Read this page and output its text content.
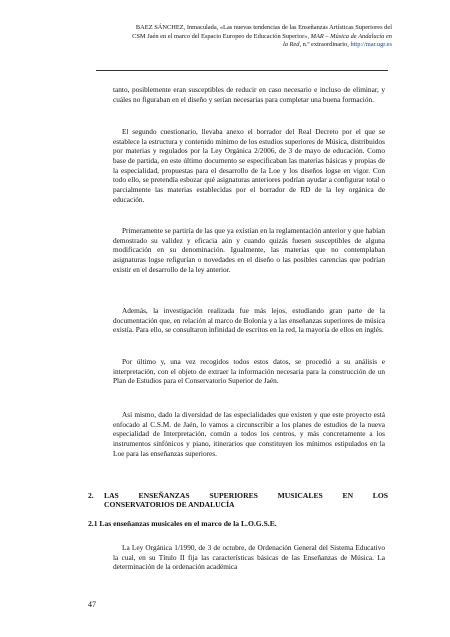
BAEZ SÁNCHEZ, Inmaculada, «Las nuevas tendencias de las Enseñanzas Artísticas Superiores del
CSM Jaén en el marco del Espacio Europeo de Educación Superior», MAR – Música de Andalucía en
la Red, n.º extraordinario, http://mar.ugr.es
tanto, posiblemente eran susceptibles de reducir en caso necesario e incluso de eliminar, y cuáles no figuraban en el diseño y serían necesarias para completar una buena formación.
El segundo cuestionario, llevaba anexo el borrador del Real Decreto por el que se establece la estructura y contenido mínimo de los estudios superiores de Música, distribuidos por materias y regulados por la Ley Orgánica 2/2006, de 3 de mayo de educación. Como base de partida, en este último documento se especificaban las materias básicas y propias de la especialidad, propuestas para el desarrollo de la Loe y los diseños logse en vigor. Con todo ello, se pretendía esbozar qué asignaturas anteriores podrían ayudar a configurar total o parcialmente las materias establecidas por el borrador de RD de la ley orgánica de educación.
Primeramente se partiría de las que ya existían en la reglamentación anterior y que habían demostrado su validez y eficacia aún y cuando quizás fuesen susceptibles de alguna modificación en su denominación. Igualmente, las materias que no contemplaban asignaturas logse refigurían o novedades en el diseño o las posibles carencias que podrían existir en el desarrollo de la ley anterior.
Además, la investigación realizada fue más lejos, estudiando gran parte de la documentación que, en relación al marco de Bolonia y a las enseñanzas superiores de música existía. Para ello, se consultaron infinidad de escritos en la red, la mayoría de ellos en inglés.
Por último y, una vez recogidos todos estos datos, se procedió a su análisis e interpretación, con el objeto de extraer la información necesaria para la construcción de un Plan de Estudios para el Conservatorio Superior de Jaén.
Así mismo, dado la diversidad de las especialidades que existen y que este proyecto está enfocado al C.S.M. de Jaén, lo vamos a circunscribir a los planes de estudios de la nueva especialidad de Interpretación, común a todos los centros, y más concretamente a los instrumentos sinfónicos y piano, itinerarios que constituyen los mínimos estipulados en la Loe para las enseñanzas superiores.
2. LAS ENSEÑANZAS SUPERIORES MUSICALES EN LOS
CONSERVATORIOS DE ANDALUCÍA
2.1 Las enseñanzas musicales en el marco de la L.O.G.S.E.
La Ley Orgánica 1/1990, de 3 de octubre, de Ordenación General del Sistema Educativo la cual, en su Título II fija las características básicas de las Enseñanzas de Música. La determinación de la ordenación académica
47
